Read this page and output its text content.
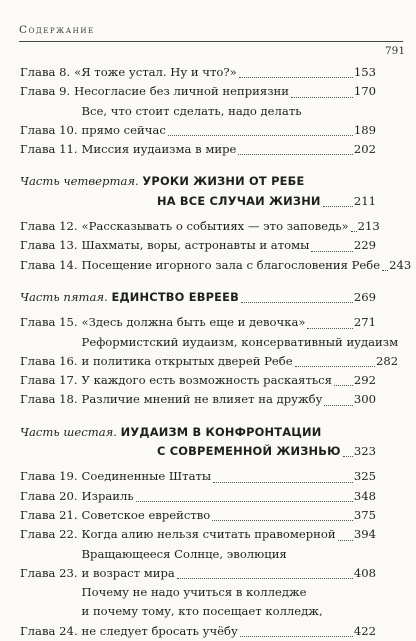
Содержание
791
Глава 8. «Я тоже устал. Ну и что?»	153
Глава 9. Несогласие без личной неприязни	170
Глава 10.
Все, что стоит сделать, надо делать
прямо сейчас	189
Глава 11. Миссия иудаизма в мире	202
Часть четвертая. УРОКИ ЖИЗНИ ОТ РЕБЕ
НА ВСЕ СЛУЧАИ ЖИЗНИ	211
Глава 12. «Рассказывать о событиях — это заповедь» 213
Глава 13. Шахматы, воры, астронавты и атомы	229
Глава 14. Посещение игорного зала с благословения Ребе 243
Часть пятая. ЕДИНСТВО ЕВРЕЕВ	269
Глава 15. «Здесь должна быть еще и девочка»	271
Глава 16.
Реформистский иудаизм, консервативный иудаизм
и политика открытых дверей Ребе	282
Глава 17. У каждого есть возможность раскаяться 292
Глава 18. Различие мнений не влияет на дружбу	300
Часть шестая. ИУДАИЗМ В КОНФРОНТАЦИИ
С СОВРЕМЕННОЙ ЖИЗНЬЮ 323
Глава 19. Соединенные Штаты	325
Глава 20. Израиль	348
Глава 21. Советское еврейство	375
Глава 22. Когда алию нельзя считать правомерной 394
Глава 23.
Вращающееся Солнце, эволюция
и возраст мира	408
Глава 24.
Почему не надо учиться в колледже
и почему тому, кто посещает колледж,
не следует бросать учёбу	422
